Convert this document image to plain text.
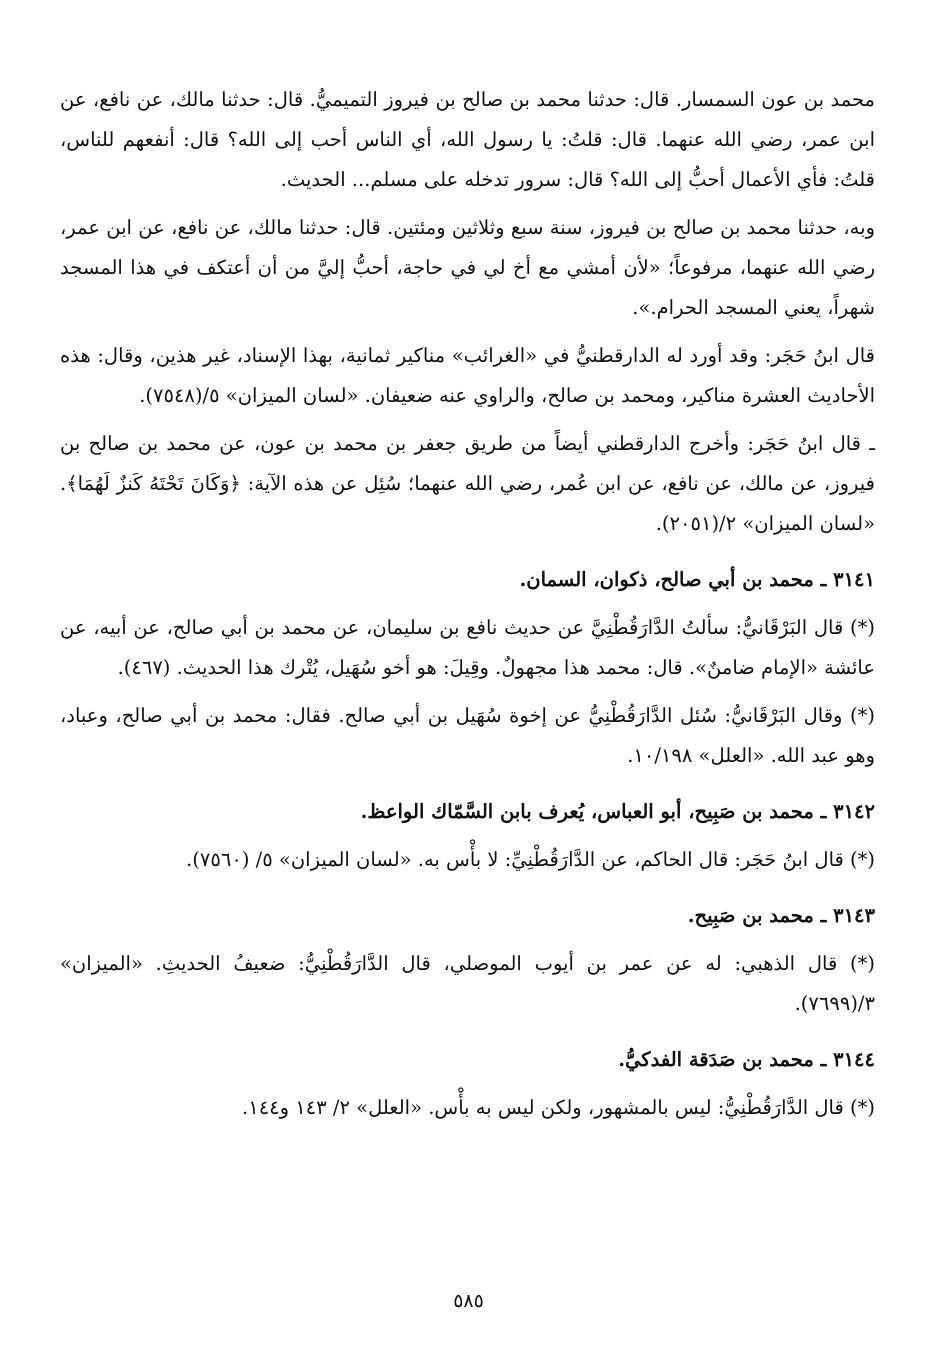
محمد بن عون السمسار. قال: حدثنا محمد بن صالح بن فيروز التميميُّ. قال: حدثنا مالك، عن نافع، عن ابن عمر، رضي الله عنهما. قال: قلتُ: يا رسول الله، أي الناس أحب إلى الله؟ قال: أنفعهم للناس، قلتُ: فأي الأعمال أحبُّ إلى الله؟ قال: سرور تدخله على مسلم... الحديث.
وبه، حدثنا محمد بن صالح بن فيروز، سنة سبع وثلاثين ومئتين. قال: حدثنا مالك، عن نافع، عن ابن عمر، رضي الله عنهما، مرفوعاً؛ «لأن أمشي مع أخ لي في حاجة، أحبُّ إليَّ من أن أعتكف في هذا المسجد شهراً، يعني المسجد الحرام.».
قال ابنُ حَجَر: وقد أورد له الدارقطنيُّ في «الغرائب» مناكير ثمانية، بهذا الإسناد، غير هذين، وقال: هذه الأحاديث العشرة مناكير، ومحمد بن صالح، والراوي عنه ضعيفان. «لسان الميزان» ٥/(٧٥٤٨).
ـ قال ابنُ حَجَر: وأخرج الدارقطني أيضاً من طريق جعفر بن محمد بن عون، عن محمد بن صالح بن فيروز، عن مالك، عن نافع، عن ابن عُمر، رضي الله عنهما؛ سُئِل عن هذه الآية: ﴿وَكَانَ تَحْتَهُ كَنزٌ لَهُمَا﴾. «لسان الميزان» ٢/(٢٠٥١).
٣١٤١ ـ محمد بن أبي صالح، ذكوان، السمان.
(*) قال البَرْقَانيُّ: سألتُ الدَّارَقُطْنِيَّ عن حديث نافع بن سليمان، عن محمد بن أبي صالح، عن أبيه، عن عائشة «الإمام ضامنٌ». قال: محمد هذا مجهولٌ. وقِيلَ: هو أخو سُهَيل، يُتْرك هذا الحديث. (٤٦٧).
(*) وقال البَرْقَانيُّ: سُئل الدَّارَقُطْنِيُّ عن إخوة سُهَيل بن أبي صالح. فقال: محمد بن أبي صالح، وعباد، وهو عبد الله. «العلل» ١٠/١٩٨.
٣١٤٢ ـ محمد بن صَبِيح، أبو العباس، يُعرف بابن السَّمّاك الواعظ.
(*) قال ابنُ حَجَر: قال الحاكم، عن الدَّارَقُطْنِيِّ: لا بأْس به. «لسان الميزان» ٥/ (٧٥٦٠).
٣١٤٣ ـ محمد بن صَبِيح.
(*) قال الذهبي: له عن عمر بن أيوب الموصلي، قال الدَّارَقُطْنِيُّ: ضعيفُ الحديثِ. «الميزان» ٣/(٧٦٩٩).
٣١٤٤ ـ محمد بن صَدَقة الفدكيُّ.
(*) قال الدَّارَقُطْنِيُّ: ليس بالمشهور، ولكن ليس به بأْس. «العلل» ٢/ ١٤٣ و١٤٤.
٥٨٥
